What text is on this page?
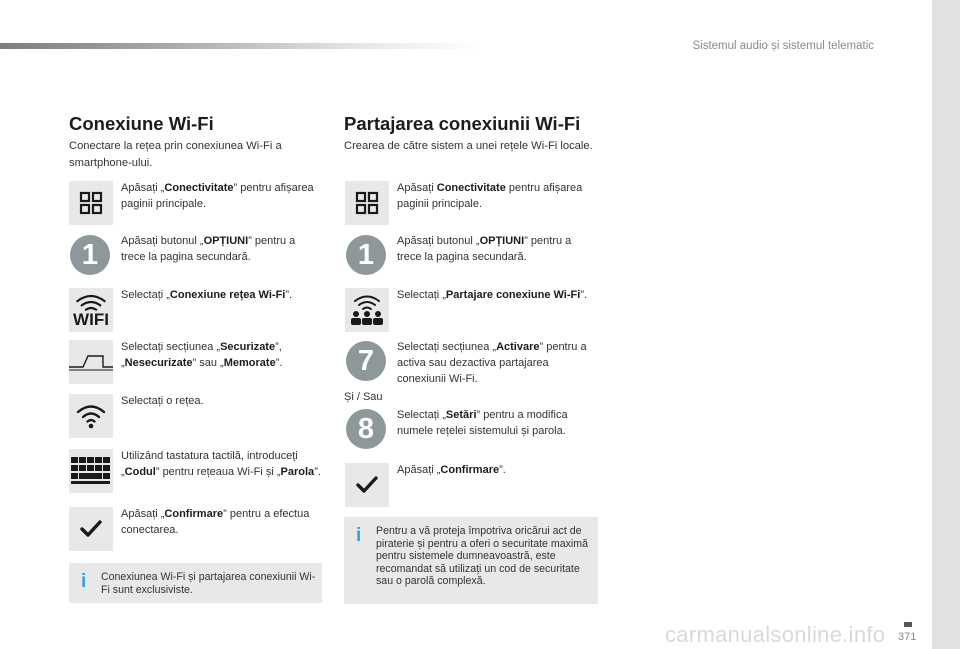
Sistemul audio și sistemul telematic
371
carmanualsonline.info
Conexiune Wi-Fi
Conectare la rețea prin conexiunea Wi-Fi a smartphone-ului.
Apăsați „Conectivitate” pentru afișarea paginii principale.
1	Apăsați butonul „OPȚIUNI” pentru a trece la pagina secundară.
WIFI
Selectați „Conexiune rețea Wi-Fi”.
Selectați secțiunea „Securizate”, „Nesecurizate” sau „Memorate”.
Selectați o rețea.
Utilizând tastatura tactilă, introduceți „Codul” pentru rețeaua Wi-Fi și „Parola”.
Apăsați „Confirmare” pentru a efectua conectarea.
i Conexiunea Wi-Fi și partajarea conexiunii Wi-Fi sunt exclusiviste.
Partajarea conexiunii Wi-Fi
Crearea de către sistem a unei rețele Wi-Fi locale.
Apăsați Conectivitate pentru afișarea paginii principale.
1	Apăsați butonul „OPȚIUNI” pentru a trece la pagina secundară.
Selectați „Partajare conexiune Wi-Fi”.
7	Selectați secțiunea „Activare” pentru a activa sau dezactiva partajarea conexiunii Wi-Fi.
8	Selectați „Setări” pentru a modifica numele rețelei sistemului și parola.
Apăsați „Confirmare”.
Și / Sau
i Pentru a vă proteja împotriva oricărui act de piraterie și pentru a oferi o securitate maximă pentru sistemele dumneavoastră, este recomandat să utilizați un cod de securitate sau o parolă complexă.
